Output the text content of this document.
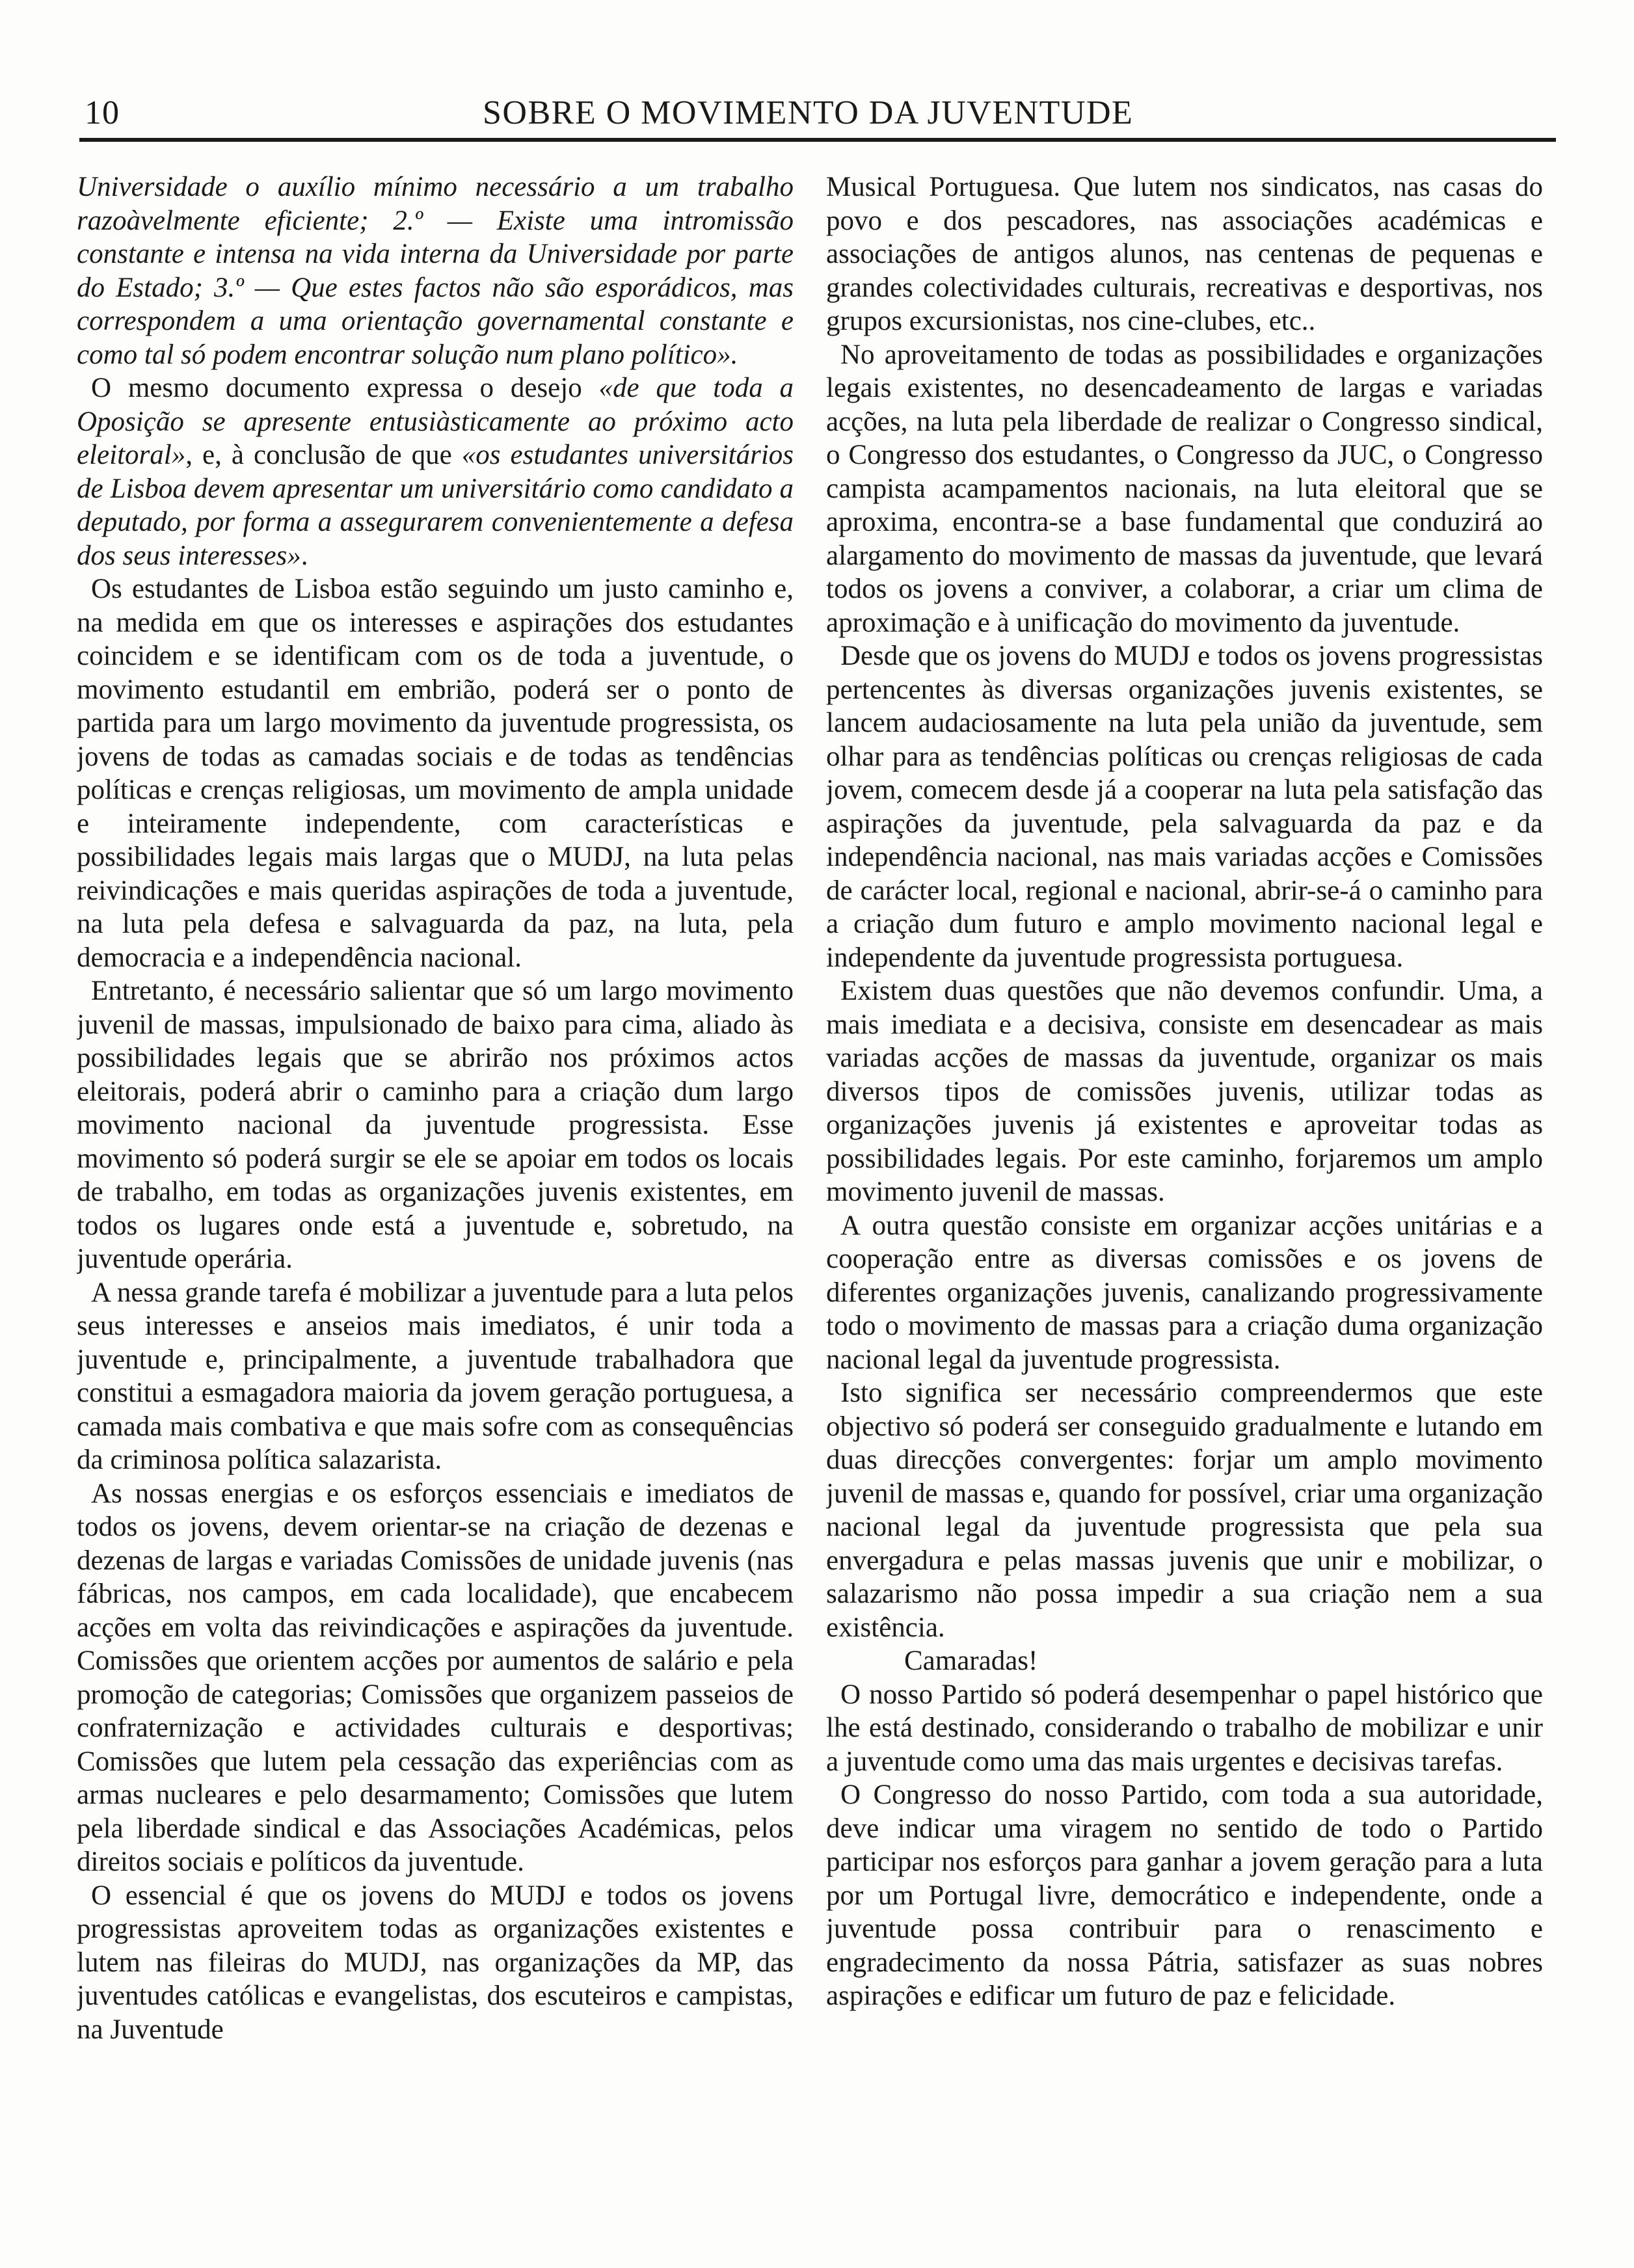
10	SOBRE O MOVIMENTO DA JUVENTUDE

Universidade o auxílio mínimo necessário a um trabalho razoàvelmente eficiente; 2.º — Existe uma intromissão constante e intensa na vida interna da Universidade por parte do Estado; 3.º — Que estes factos não são esporádicos, mas correspondem a uma orientação governamental constante e como tal só podem encontrar solução num plano político».

O mesmo documento expressa o desejo «de que toda a Oposição se apresente entusiàsticamente ao próximo acto eleitoral», e, à conclusão de que «os estudantes universitários de Lisboa devem apresentar um universitário como candidato a deputado, por forma a assegurarem convenientemente a defesa dos seus interesses».

Os estudantes de Lisboa estão seguindo um justo caminho e, na medida em que os interesses e aspirações dos estudantes coincidem e se identificam com os de toda a juventude, o movimento estudantil em embrião, poderá ser o ponto de partida para um largo movimento da juventude progressista, os jovens de todas as camadas sociais e de todas as tendências políticas e crenças religiosas, um movimento de ampla unidade e inteiramente independente, com características e possibilidades legais mais largas que o MUDJ, na luta pelas reivindicações e mais queridas aspirações de toda a juventude, na luta pela defesa e salvaguarda da paz, na luta, pela democracia e a independência nacional.

Entretanto, é necessário salientar que só um largo movimento juvenil de massas, impulsionado de baixo para cima, aliado às possibilidades legais que se abrirão nos próximos actos eleitorais, poderá abrir o caminho para a criação dum largo movimento nacional da juventude progressista. Esse movimento só poderá surgir se ele se apoiar em todos os locais de trabalho, em todas as organizações juvenis existentes, em todos os lugares onde está a juventude e, sobretudo, na juventude operária.

A nessa grande tarefa é mobilizar a juventude para a luta pelos seus interesses e anseios mais imediatos, é unir toda a juventude e, principalmente, a juventude trabalhadora que constitui a esmagadora maioria da jovem geração portuguesa, a camada mais combativa e que mais sofre com as consequências da criminosa política salazarista.

As nossas energias e os esforços essenciais e imediatos de todos os jovens, devem orientar-se na criação de dezenas e dezenas de largas e variadas Comissões de unidade juvenis (nas fábricas, nos campos, em cada localidade), que encabecem acções em volta das reivindicações e aspirações da juventude. Comissões que orientem acções por aumentos de salário e pela promoção de categorias; Comissões que organizem passeios de confraternização e actividades culturais e desportivas; Comissões que lutem pela cessação das experiências com as armas nucleares e pelo desarmamento; Comissões que lutem pela liberdade sindical e das Associações Académicas, pelos direitos sociais e políticos da juventude.

O essencial é que os jovens do MUDJ e todos os jovens progressistas aproveitem todas as organizações existentes e lutem nas fileiras do MUDJ, nas organizações da MP, das juventudes católicas e evangelistas, dos escuteiros e campistas, na Juventude

Musical Portuguesa. Que lutem nos sindicatos, nas casas do povo e dos pescadores, nas associações académicas e associações de antigos alunos, nas centenas de pequenas e grandes colectividades culturais, recreativas e desportivas, nos grupos excursionistas, nos cine-clubes, etc..

No aproveitamento de todas as possibilidades e organizações legais existentes, no desencadeamento de largas e variadas acções, na luta pela liberdade de realizar o Congresso sindical, o Congresso dos estudantes, o Congresso da JUC, o Congresso campista acampamentos nacionais, na luta eleitoral que se aproxima, encontra-se a base fundamental que conduzirá ao alargamento do movimento de massas da juventude, que levará todos os jovens a conviver, a colaborar, a criar um clima de aproximação e à unificação do movimento da juventude.

Desde que os jovens do MUDJ e todos os jovens progressistas pertencentes às diversas organizações juvenis existentes, se lancem audaciosamente na luta pela união da juventude, sem olhar para as tendências políticas ou crenças religiosas de cada jovem, comecem desde já a cooperar na luta pela satisfação das aspirações da juventude, pela salvaguarda da paz e da independência nacional, nas mais variadas acções e Comissões de carácter local, regional e nacional, abrir-se-á o caminho para a criação dum futuro e amplo movimento nacional legal e independente da juventude progressista portuguesa.

Existem duas questões que não devemos confundir. Uma, a mais imediata e a decisiva, consiste em desencadear as mais variadas acções de massas da juventude, organizar os mais diversos tipos de comissões juvenis, utilizar todas as organizações juvenis já existentes e aproveitar todas as possibilidades legais. Por este caminho, forjaremos um amplo movimento juvenil de massas.

A outra questão consiste em organizar acções unitárias e a cooperação entre as diversas comissões e os jovens de diferentes organizações juvenis, canalizando progressivamente todo o movimento de massas para a criação duma organização nacional legal da juventude progressista.

Isto significa ser necessário compreendermos que este objectivo só poderá ser conseguido gradualmente e lutando em duas direcções convergentes: forjar um amplo movimento juvenil de massas e, quando for possível, criar uma organização nacional legal da juventude progressista que pela sua envergadura e pelas massas juvenis que unir e mobilizar, o salazarismo não possa impedir a sua criação nem a sua existência.

Camaradas!

O nosso Partido só poderá desempenhar o papel histórico que lhe está destinado, considerando o trabalho de mobilizar e unir a juventude como uma das mais urgentes e decisivas tarefas.

O Congresso do nosso Partido, com toda a sua autoridade, deve indicar uma viragem no sentido de todo o Partido participar nos esforços para ganhar a jovem geração para a luta por um Portugal livre, democrático e independente, onde a juventude possa contribuir para o renascimento e engradecimento da nossa Pátria, satisfazer as suas nobres aspirações e edificar um futuro de paz e felicidade.
